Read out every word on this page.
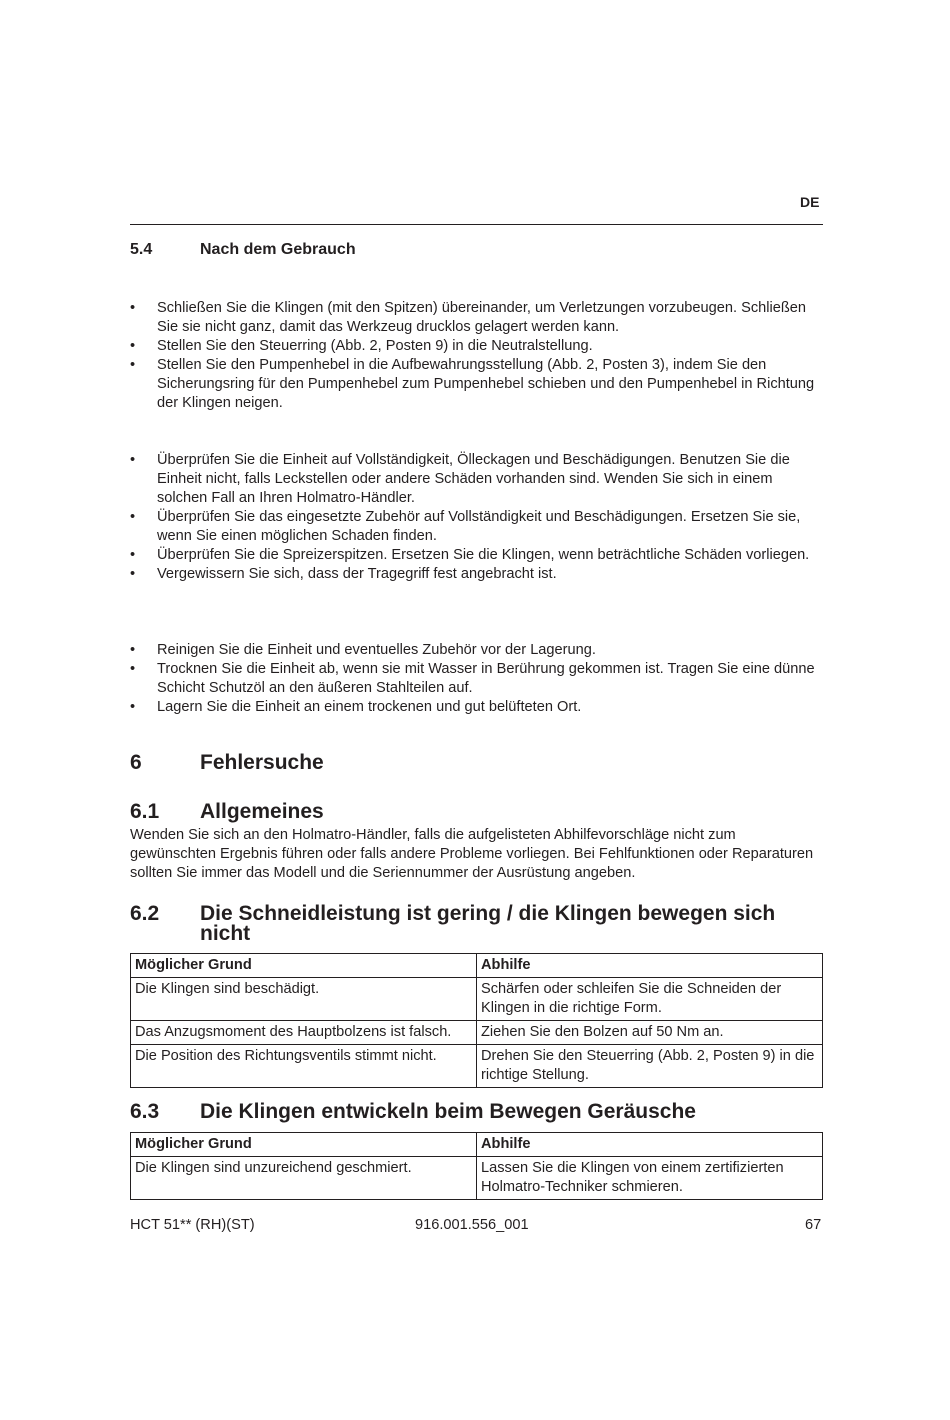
DE
5.4	Nach dem Gebrauch
• Schließen Sie die Klingen (mit den Spitzen) übereinander, um Verletzungen vorzubeugen. Schließen Sie sie nicht ganz, damit das Werkzeug drucklos gelagert werden kann.
• Stellen Sie den Steuerring (Abb. 2, Posten 9) in die Neutralstellung.
• Stellen Sie den Pumpenhebel in die Aufbewahrungsstellung (Abb. 2, Posten 3), indem Sie den Sicherungsring für den Pumpenhebel zum Pumpenhebel schieben und den Pumpenhebel in Richtung der Klingen neigen.
• Überprüfen Sie die Einheit auf Vollständigkeit, Ölleckagen und Beschädigungen. Benutzen Sie die Einheit nicht, falls Leckstellen oder andere Schäden vorhanden sind. Wenden Sie sich in einem solchen Fall an Ihren Holmatro-Händler.
• Überprüfen Sie das eingesetzte Zubehör auf Vollständigkeit und Beschädigungen. Ersetzen Sie sie, wenn Sie einen möglichen Schaden finden.
• Überprüfen Sie die Spreizerspitzen. Ersetzen Sie die Klingen, wenn beträchtliche Schäden vorliegen.
• Vergewissern Sie sich, dass der Tragegriff fest angebracht ist.
• Reinigen Sie die Einheit und eventuelles Zubehör vor der Lagerung.
• Trocknen Sie die Einheit ab, wenn sie mit Wasser in Berührung gekommen ist. Tragen Sie eine dünne Schicht Schutzöl an den äußeren Stahlteilen auf.
• Lagern Sie die Einheit an einem trockenen und gut belüfteten Ort.
6	Fehlersuche
6.1 Allgemeines

Wenden Sie sich an den Holmatro-Händler, falls die aufgelisteten Abhilfevorschläge nicht zum gewünschten Ergebnis führen oder falls andere Probleme vorliegen. Bei Fehlfunktionen oder Reparaturen sollten Sie immer das Modell und die Seriennummer der Ausrüstung angeben.

6.2	Die Schneidleistung ist gering / die Klingen bewegen sich nicht
Möglicher Grund	Abhilfe
Die Klingen sind beschädigt.	Schärfen oder schleifen Sie die Schneiden der Klingen in die richtige Form.
Das Anzugsmoment des Hauptbolzens ist falsch.	Ziehen Sie den Bolzen auf 50 Nm an.
Die Position des Richtungsventils stimmt nicht.	Drehen Sie den Steuerring (Abb. 2, Posten 9) in die richtige Stellung.
6.3 Die Klingen entwickeln beim Bewegen Geräusche
Möglicher Grund	Abhilfe
Die Klingen sind unzureichend geschmiert.	Lassen Sie die Klingen von einem zertifizierten Holmatro-Techniker schmieren.
HCT 51** (RH)(ST)	916.001.556_001	67
